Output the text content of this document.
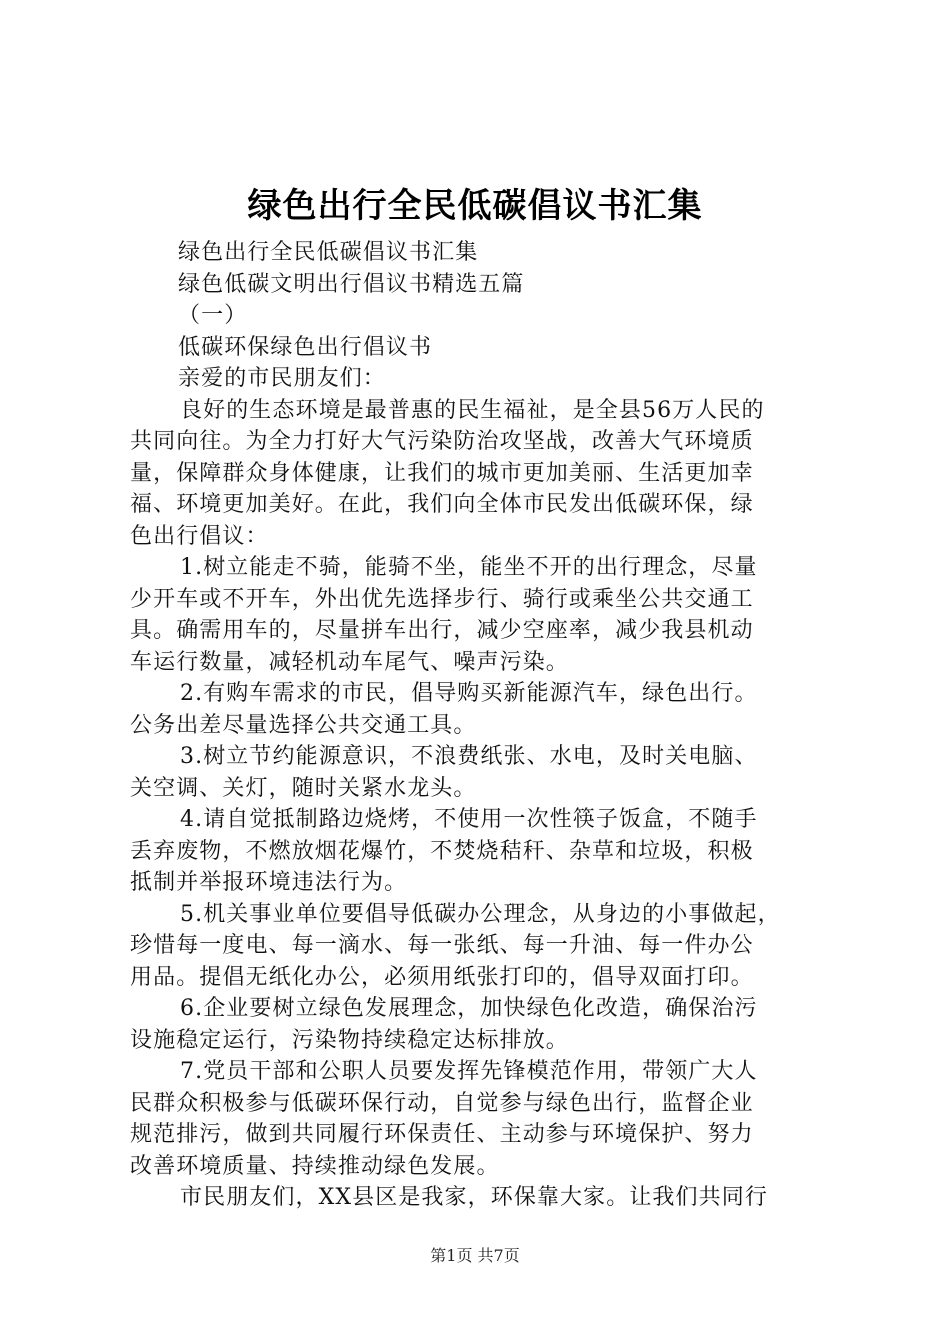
绿色出行全民低碳倡议书汇集

绿色出行全民低碳倡议书汇集

绿色低碳文明出行倡议书精选五篇

（一）

低碳环保绿色出行倡议书

亲爱的市民朋友们：

良好的生态环境是最普惠的民生福祉，是全县56万人民的

共同向往。为全力打好大气污染防治攻坚战，改善大气环境质

量，保障群众身体健康，让我们的城市更加美丽、生活更加幸

福、环境更加美好。在此，我们向全体市民发出低碳环保，绿

色出行倡议：

1.树立能走不骑，能骑不坐，能坐不开的出行理念，尽量

少开车或不开车，外出优先选择步行、骑行或乘坐公共交通工

具。确需用车的，尽量拼车出行，减少空座率，减少我县机动

车运行数量，减轻机动车尾气、噪声污染。

2.有购车需求的市民，倡导购买新能源汽车，绿色出行。

公务出差尽量选择公共交通工具。

3.树立节约能源意识，不浪费纸张、水电，及时关电脑、

关空调、关灯，随时关紧水龙头。

4.请自觉抵制路边烧烤，不使用一次性筷子饭盒，不随手

丢弃废物，不燃放烟花爆竹，不焚烧秸秆、杂草和垃圾，积极

抵制并举报环境违法行为。

5.机关事业单位要倡导低碳办公理念，从身边的小事做起，

珍惜每一度电、每一滴水、每一张纸、每一升油、每一件办公

用品。提倡无纸化办公，必须用纸张打印的，倡导双面打印。

6.企业要树立绿色发展理念，加快绿色化改造，确保治污

设施稳定运行，污染物持续稳定达标排放。

7.党员干部和公职人员要发挥先锋模范作用，带领广大人

民群众积极参与低碳环保行动，自觉参与绿色出行，监督企业

规范排污，做到共同履行环保责任、主动参与环境保护、努力

改善环境质量、持续推动绿色发展。

市民朋友们，XX县区是我家，环保靠大家。让我们共同行

第1页 共7页
